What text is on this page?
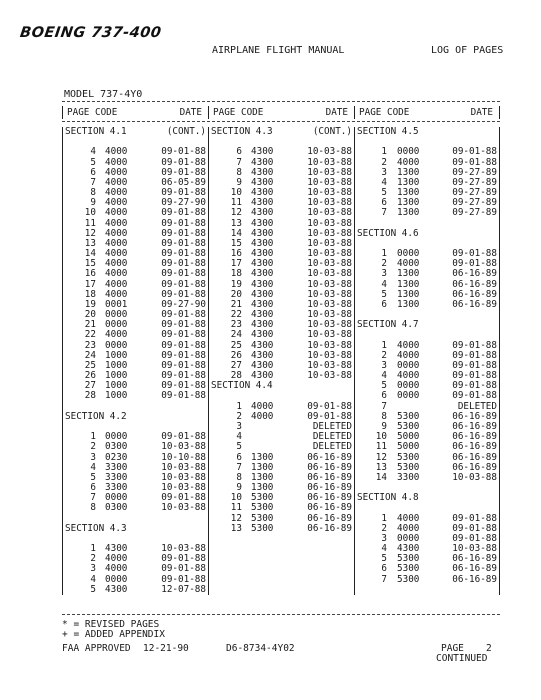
BOEING 737-400
AIRPLANE FLIGHT MANUAL	LOG OF PAGES
MODEL 737-4Y0
PAGE CODE	DATE PAGE CODE	DATE PAGE CODE	DATE
SECTION 4.1	(CONT.)
4 4000	09-01-88
5 4000	09-01-88
6 4000	09-01-88
7 4000	06-05-89
8 4000	09-01-88
9 4000	09-27-90
10 4000	09-01-88
11 4000	09-01-88
12 4000	09-01-88
13 4000	09-01-88
14 4000	09-01-88
15 4000	09-01-88
16 4000	09-01-88
17 4000	09-01-88
18 4000	09-01-88
19 0001	09-27-90
20 0000	09-01-88
21 0000	09-01-88
22 4000	09-01-88
23 0000	09-01-88
24 1000	09-01-88
25 1000	09-01-88
26 1000	09-01-88
27 1000	09-01-88
28 1000	09-01-88
SECTION 4.2
1 0000	09-01-88
2 0300	10-03-88
3 0230	10-10-88
4 3300	10-03-88
5 3300	10-03-88
6 3300	10-03-88
7 0000	09-01-88
8 0300	10-03-88
SECTION 4.3
1 4300	10-03-88
2 4000	09-01-88
3 4000	09-01-88
4 0000	09-01-88
5 4300	12-07-88
SECTION 4.3	(CONT.)
6 4300	10-03-88
7 4300	10-03-88
8 4300	10-03-88
9 4300	10-03-88
10 4300	10-03-88
11 4300	10-03-88
12 4300	10-03-88
13 4300	10-03-88
14 4300	10-03-88
15 4300	10-03-88
16 4300	10-03-88
17 4300	10-03-88
18 4300	10-03-88
19 4300	10-03-88
20 4300	10-03-88
21 4300	10-03-88
22 4300	10-03-88
23 4300	10-03-88
24 4300	10-03-88
25 4300	10-03-88
26 4300	10-03-88
27 4300	10-03-88
28 4300	10-03-88
SECTION 4.4
1 4000	09-01-88
2 4000	09-01-88
3	DELETED
4	DELETED
5	DELETED
6 1300	06-16-89
7 1300	06-16-89
8 1300	06-16-89
9 1300	06-16-89
10 5300	06-16-89
11 5300	06-16-89
12 5300	06-16-89
13 5300	06-16-89
SECTION 4.5
1 0000	09-01-88
2 4000	09-01-88
3 1300	09-27-89
4 1300	09-27-89
5 1300	09-27-89
6 1300	09-27-89
7 1300	09-27-89
SECTION 4.6
1 0000	09-01-88
2 4000	09-01-88
3 1300	06-16-89
4 1300	06-16-89
5 1300	06-16-89
6 1300	06-16-89
SECTION 4.7
1 4000	09-01-88
2 4000	09-01-88
3 0000	09-01-88
4 4000	09-01-88
5 0000	09-01-88
6 0000	09-01-88
7	DELETED
8 5300	06-16-89
9 5300	06-16-89
10 5000	06-16-89
11 5000	06-16-89
12 5300	06-16-89
13 5300	06-16-89
14 3300	10-03-88
SECTION 4.8
1 4000	09-01-88
2 4000	09-01-88
3 0000	09-01-88
4 4300	10-03-88
5 5300	06-16-89
6 5300	06-16-89
7 5300	06-16-89
* = REVISED PAGES
+ = ADDED APPENDIX
FAA APPROVED 12-21-90	D6-8734-4Y02	PAGE 2
CONTINUED
